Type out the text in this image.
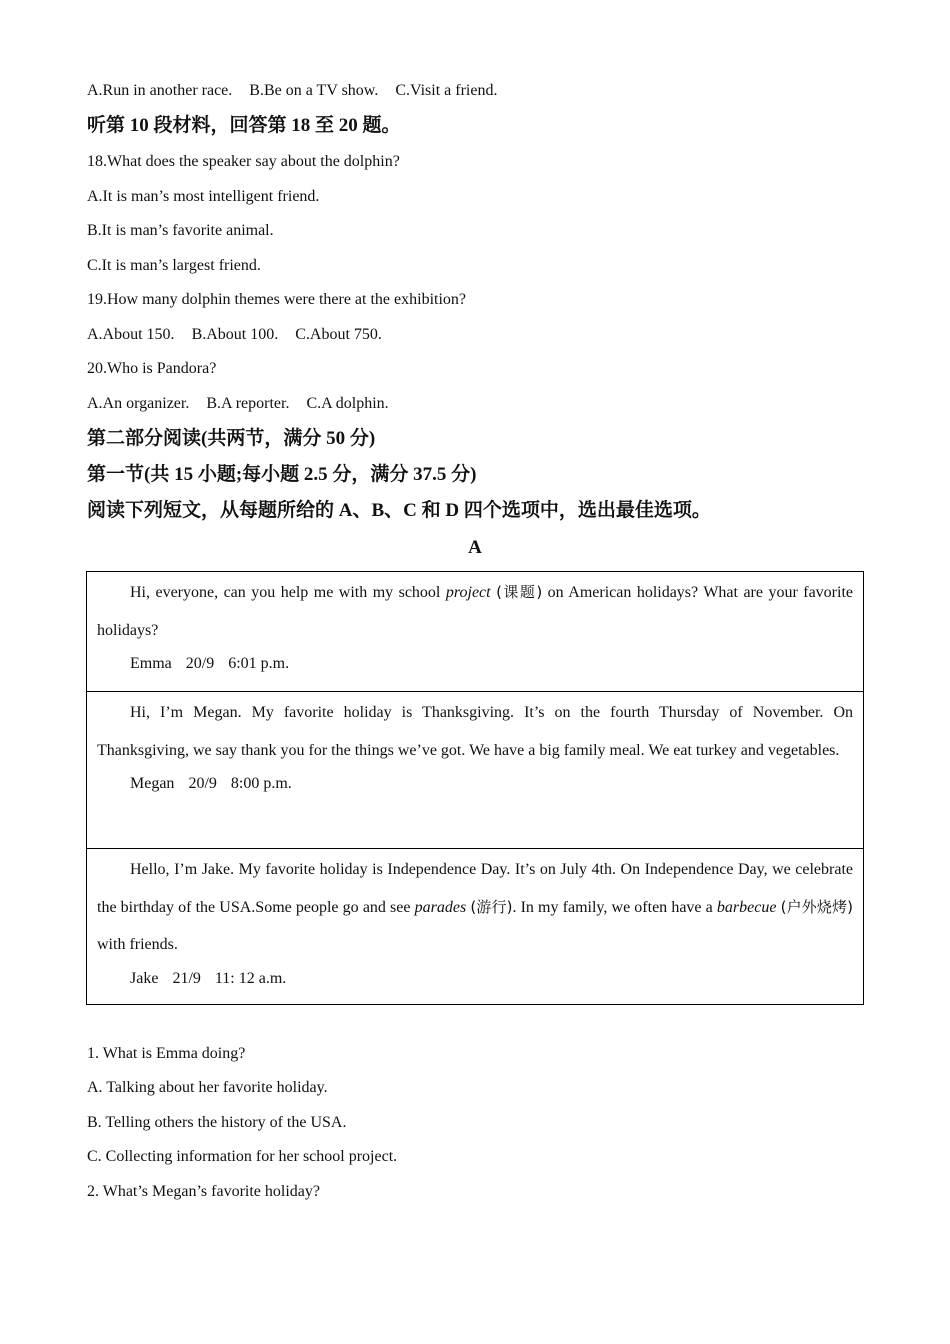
A.Run in another race. B.Be on a TV show. C.Visit a friend.
听第 10 段材料，回答第 18 至 20 题。
18.What does the speaker say about the dolphin?
A.It is man’s most intelligent friend.
B.It is man’s favorite animal.
C.It is man’s largest friend.
19.How many dolphin themes were there at the exhibition?
A.About 150. B.About 100. C.About 750.
20.Who is Pandora?
A.An organizer. B.A reporter. C.A dolphin.
第二部分阅读(共两节，满分 50 分)
第一节(共 15 小题;每小题 2.5 分，满分 37.5 分)
阅读下列短文，从每题所给的 A、B、C 和 D 四个选项中，选出最佳选项。
A

Hi, everyone, can you help me with my school project (课题) on American holidays? What are your favorite holidays?

Emma 20/9 6:01 p.m.

Hi, I’m Megan. My favorite holiday is Thanksgiving. It’s on the fourth Thursday of November. On Thanksgiving, we say thank you for the things we’ve got. We have a big family meal. We eat turkey and vegetables.

Megan 20/9 8:00 p.m.

Hello, I’m Jake. My favorite holiday is Independence Day. It’s on July 4th. On Independence Day, we celebrate the birthday of the USA.Some people go and see parades (游行). In my family, we often have a barbecue (户外烧烤) with friends.

Jake 21/9 11: 12 a.m.

1. What is Emma doing?
A. Talking about her favorite holiday.
B. Telling others the history of the USA.
C. Collecting information for her school project.
2. What’s Megan’s favorite holiday?
